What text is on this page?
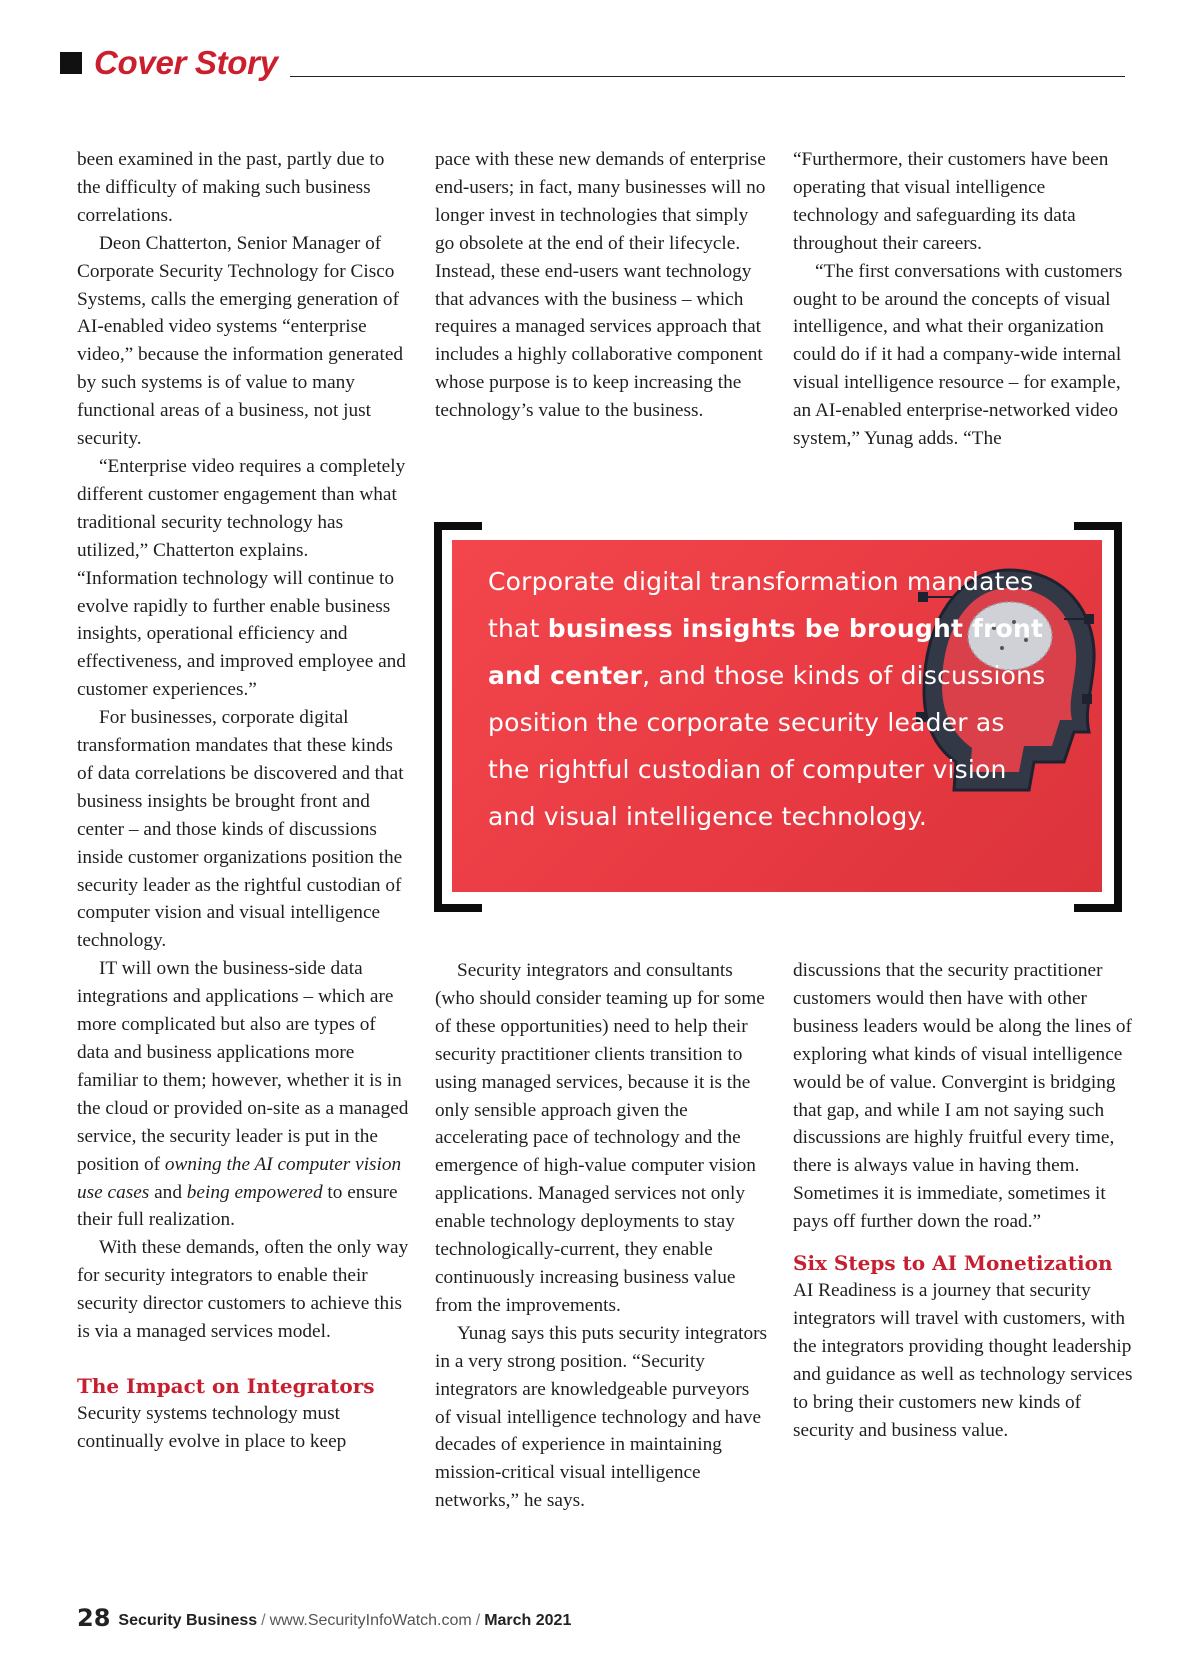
Cover Story

been examined in the past, partly due to the difficulty of making such business correlations.

Deon Chatterton, Senior Manager of Corporate Security Technology for Cisco Systems, calls the emerging generation of AI-enabled video systems “enterprise video,” because the information generated by such systems is of value to many functional areas of a business, not just security.

“Enterprise video requires a completely different customer engagement than what traditional security technology has utilized,” Chatterton explains. “Information technology will continue to evolve rapidly to further enable business insights, operational efficiency and effectiveness, and improved employee and customer experiences.”

For businesses, corporate digital transformation mandates that these kinds of data correlations be discovered and that business insights be brought front and center – and those kinds of discussions inside customer organizations position the security leader as the rightful custodian of computer vision and visual intelligence technology.

IT will own the business-side data integrations and applications – which are more complicated but also are types of data and business applications more familiar to them; however, whether it is in the cloud or provided on-site as a managed service, the security leader is put in the position of owning the AI computer vision use cases and being empowered to ensure their full realization.

With these demands, often the only way for security integrators to enable their security director customers to achieve this is via a managed services model.

The Impact on Integrators

Security systems technology must continually evolve in place to keep

pace with these new demands of enterprise end-users; in fact, many businesses will no longer invest in technologies that simply go obsolete at the end of their lifecycle. Instead, these end-users want technology that advances with the business – which requires a managed services approach that includes a highly collaborative component whose purpose is to keep increasing the technology’s value to the business.

“Furthermore, their customers have been operating that visual intelligence technology and safeguarding its data throughout their careers.

“The first conversations with customers ought to be around the concepts of visual intelligence, and what their organization could do if it had a company-wide internal visual intelligence resource – for example, an AI-enabled enterprise-networked video system,” Yunag adds. “The

Corporate digital transformation mandates that business insights be brought front and center, and those kinds of discussions position the corporate security leader as the rightful custodian of computer vision and visual intelligence technology.

Security integrators and consultants (who should consider teaming up for some of these opportunities) need to help their security practitioner clients transition to using managed services, because it is the only sensible approach given the accelerating pace of technology and the emergence of high-value computer vision applications. Managed services not only enable technology deployments to stay technologically-current, they enable continuously increasing business value from the improvements.

Yunag says this puts security integrators in a very strong position. “Security integrators are knowledgeable purveyors of visual intelligence technology and have decades of experience in maintaining mission-critical visual intelligence networks,” he says.

discussions that the security practitioner customers would then have with other business leaders would be along the lines of exploring what kinds of visual intelligence would be of value. Convergint is bridging that gap, and while I am not saying such discussions are highly fruitful every time, there is always value in having them. Sometimes it is immediate, sometimes it pays off further down the road.”

Six Steps to AI Monetization

AI Readiness is a journey that security integrators will travel with customers, with the integrators providing thought leadership and guidance as well as technology services to bring their customers new kinds of security and business value.

28 Security Business / www.SecurityInfoWatch.com / March 2021
